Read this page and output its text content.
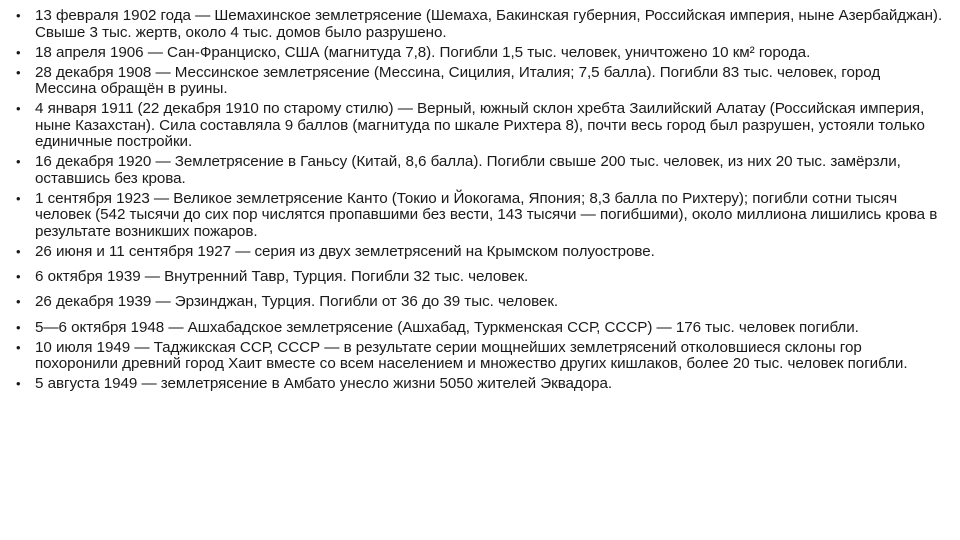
• 13 февраля 1902 года — Шемахинское землетрясение (Шемаха, Бакинская губерния, Российская империя, ныне Азербайджан). Свыше 3 тыс. жертв, около 4 тыс. домов было разрушено.
• 18 апреля 1906 — Сан-Франциско, США (магнитуда 7,8). Погибли 1,5 тыс. человек, уничтожено 10 км² города.
• 28 декабря 1908 — Мессинское землетрясение (Мессина, Сицилия, Италия; 7,5 балла). Погибли 83 тыс. человек, город Мессина обращён в руины.
• 4 января 1911 (22 декабря 1910 по старому стилю) — Верный, южный склон хребта Заилийский Алатау (Российская империя, ныне Казахстан). Сила составляла 9 баллов (магнитуда по шкале Рихтера 8), почти весь город был разрушен, устояли только единичные постройки.
• 16 декабря 1920 — Землетрясение в Ганьсу (Китай, 8,6 балла). Погибли свыше 200 тыс. человек, из них 20 тыс. замёрзли, оставшись без крова.
• 1 сентября 1923 — Великое землетрясение Канто (Токио и Йокогама, Япония; 8,3 балла по Рихтеру); погибли сотни тысяч человек (542 тысячи до сих пор числятся пропавшими без вести, 143 тысячи — погибшими), около миллиона лишились крова в результате возникших пожаров.
• 26 июня и 11 сентября 1927 — серия из двух землетрясений на Крымском полуострове.
• 6 октября 1939 — Внутренний Тавр, Турция. Погибли 32 тыс. человек.
• 26 декабря 1939 — Эрзинджан, Турция. Погибли от 36 до 39 тыс. человек.
• 5—6 октября 1948 — Ашхабадское землетрясение (Ашхабад, Туркменская ССР, СССР) — 176 тыс. человек погибли.
• 10 июля 1949 — Таджикская ССР, СССР — в результате серии мощнейших землетрясений отколовшиеся склоны гор похоронили древний город Хаит вместе со всем населением и множество других кишлаков, более 20 тыс. человек погибли.
• 5 августа 1949 — землетрясение в Амбато унесло жизни 5050 жителей Эквадора.
